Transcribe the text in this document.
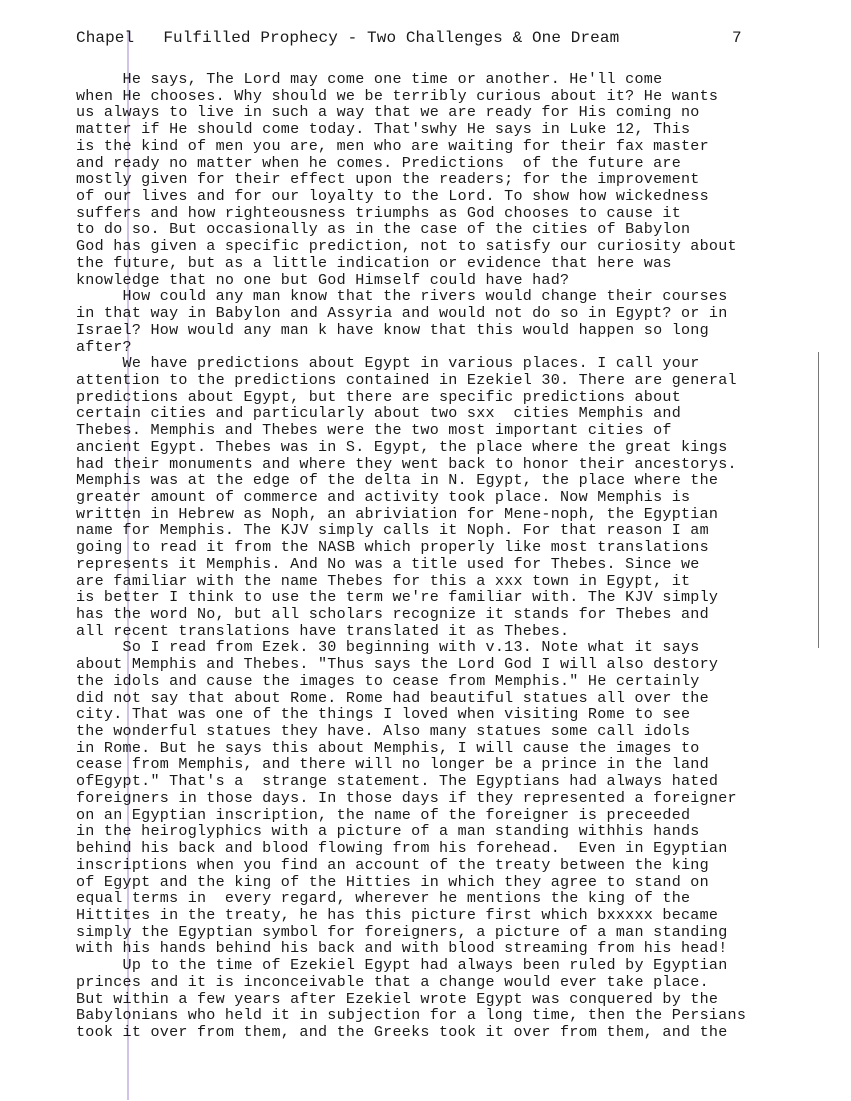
Chapel   Fulfilled Prophecy - Two Challenges & One Dream	7
He says, The Lord may come one time or another. He'll come
when He chooses. Why should we be terribly curious about it? He wants
us always to live in such a way that we are ready for His coming no
matter if He should come today. That'swhy He says in Luke 12, This
is the kind of men you are, men who are waiting for their fax master
and ready no matter when he comes. Predictions  of the future are
mostly given for their effect upon the readers; for the improvement
of our lives and for our loyalty to the Lord. To show how wickedness
suffers and how righteousness triumphs as God chooses to cause it
to do so. But occasionally as in the case of the cities of Babylon
God has given a specific prediction, not to satisfy our curiosity about
the future, but as a little indication or evidence that here was
knowledge that no one but God Himself could have had?
How could any man know that the rivers would change their courses
in that way in Babylon and Assyria and would not do so in Egypt? or in
Israel? How would any man k have know that this would happen so long
after?
We have predictions about Egypt in various places. I call your
attention to the predictions contained in Ezekiel 30. There are general
predictions about Egypt, but there are specific predictions about
certain cities and particularly about two sxx  cities Memphis and
Thebes. Memphis and Thebes were the two most important cities of
ancient Egypt. Thebes was in S. Egypt, the place where the great kings
had their monuments and where they went back to honor their ancestorys.
Memphis was at the edge of the delta in N. Egypt, the place where the
greater amount of commerce and activity took place. Now Memphis is
written in Hebrew as Noph, an abriviation for Mene-noph, the Egyptian
name for Memphis. The KJV simply calls it Noph. For that reason I am
going to read it from the NASB which properly like most translations
represents it Memphis. And No was a title used for Thebes. Since we
are familiar with the name Thebes for this a xxx town in Egypt, it
is better I think to use the term we're familiar with. The KJV simply
has the word No, but all scholars recognize it stands for Thebes and
all recent translations have translated it as Thebes.
So I read from Ezek. 30 beginning with v.13. Note what it says
about Memphis and Thebes. "Thus says the Lord God I will also destory
the idols and cause the images to cease from Memphis." He certainly
did not say that about Rome. Rome had beautiful statues all over the
city. That was one of the things I loved when visiting Rome to see
the wonderful statues they have. Also many statues some call idols
in Rome. But he says this about Memphis, I will cause the images to
cease from Memphis, and there will no longer be a prince in the land
ofEgypt." That's a  strange statement. The Egyptians had always hated
foreigners in those days. In those days if they represented a foreigner
on an Egyptian inscription, the name of the foreigner is preceeded
in the heiroglyphics with a picture of a man standing withhis hands
behind his back and blood flowing from his forehead.  Even in Egyptian
inscriptions when you find an account of the treaty between the king
of Egypt and the king of the Hitties in which they agree to stand on
equal terms in  every regard, wherever he mentions the king of the
Hittites in the treaty, he has this picture first which bxxxxx became
simply the Egyptian symbol for foreigners, a picture of a man standing
with his hands behind his back and with blood streaming from his head!
Up to the time of Ezekiel Egypt had always been ruled by Egyptian
princes and it is inconceivable that a change would ever take place.
But within a few years after Ezekiel wrote Egypt was conquered by the
Babylonians who held it in subjection for a long time, then the Persians
took it over from them, and the Greeks took it over from them, and the
